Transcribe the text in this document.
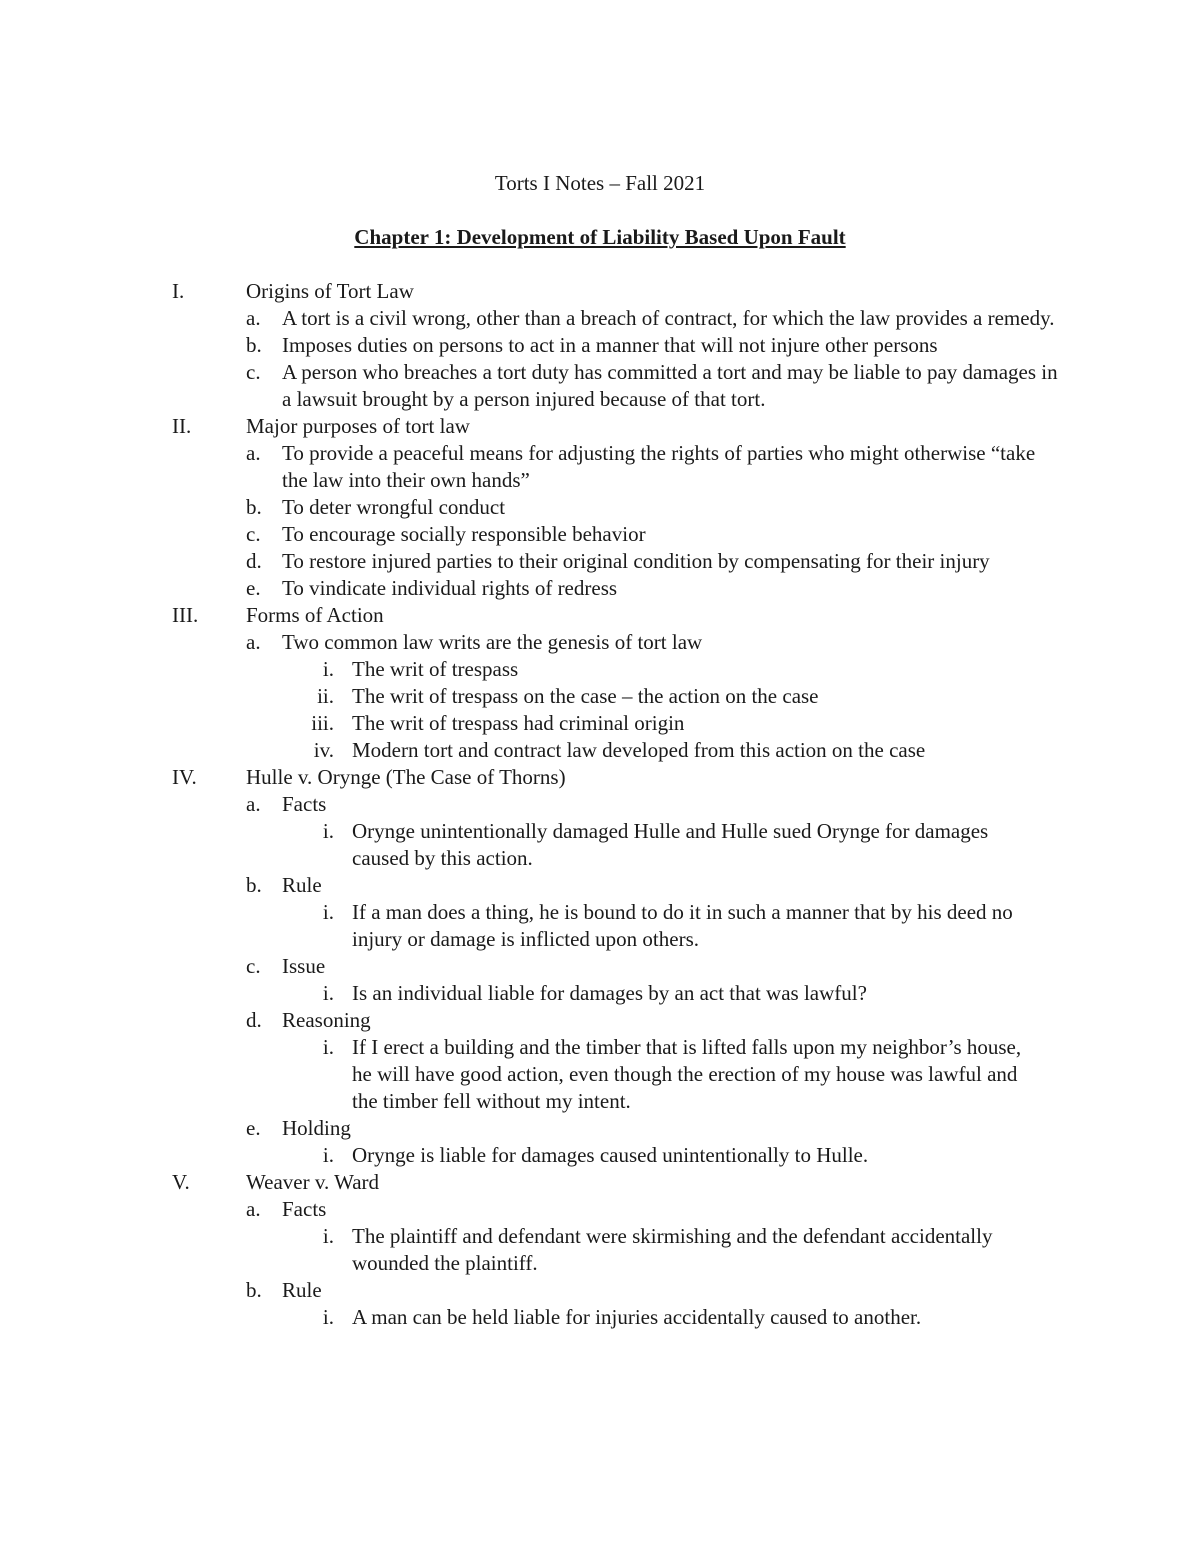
Torts I Notes – Fall 2021
Chapter 1: Development of Liability Based Upon Fault
I.	Origins of Tort Law
a.	A tort is a civil wrong, other than a breach of contract, for which the law provides a remedy.
b. Imposes duties on persons to act in a manner that will not injure other persons
c.	A person who breaches a tort duty has committed a tort and may be liable to pay damages in a lawsuit brought by a person injured because of that tort.
II.	Major purposes of tort law
a.	To provide a peaceful means for adjusting the rights of parties who might otherwise “take the law into their own hands”
b. To deter wrongful conduct
c.	To encourage socially responsible behavior
d. To restore injured parties to their original condition by compensating for their injury
e.	To vindicate individual rights of redress
III. Forms of Action
a.	Two common law writs are the genesis of tort law
i. The writ of trespass
ii. The writ of trespass on the case – the action on the case
iii. The writ of trespass had criminal origin
iv. Modern tort and contract law developed from this action on the case
IV. Hulle v. Orynge (The Case of Thorns)
a.	Facts
i. Orynge unintentionally damaged Hulle and Hulle sued Orynge for damages caused by this action.
b. Rule
i. If a man does a thing, he is bound to do it in such a manner that by his deed no injury or damage is inflicted upon others.
c.	Issue
i. Is an individual liable for damages by an act that was lawful?
d. Reasoning
i. If I erect a building and the timber that is lifted falls upon my neighbor’s house, he will have good action, even though the erection of my house was lawful and the timber fell without my intent.
e.	Holding
i. Orynge is liable for damages caused unintentionally to Hulle.
V.	Weaver v. Ward
a.	Facts
i. The plaintiff and defendant were skirmishing and the defendant accidentally wounded the plaintiff.
b. Rule
i. A man can be held liable for injuries accidentally caused to another.
